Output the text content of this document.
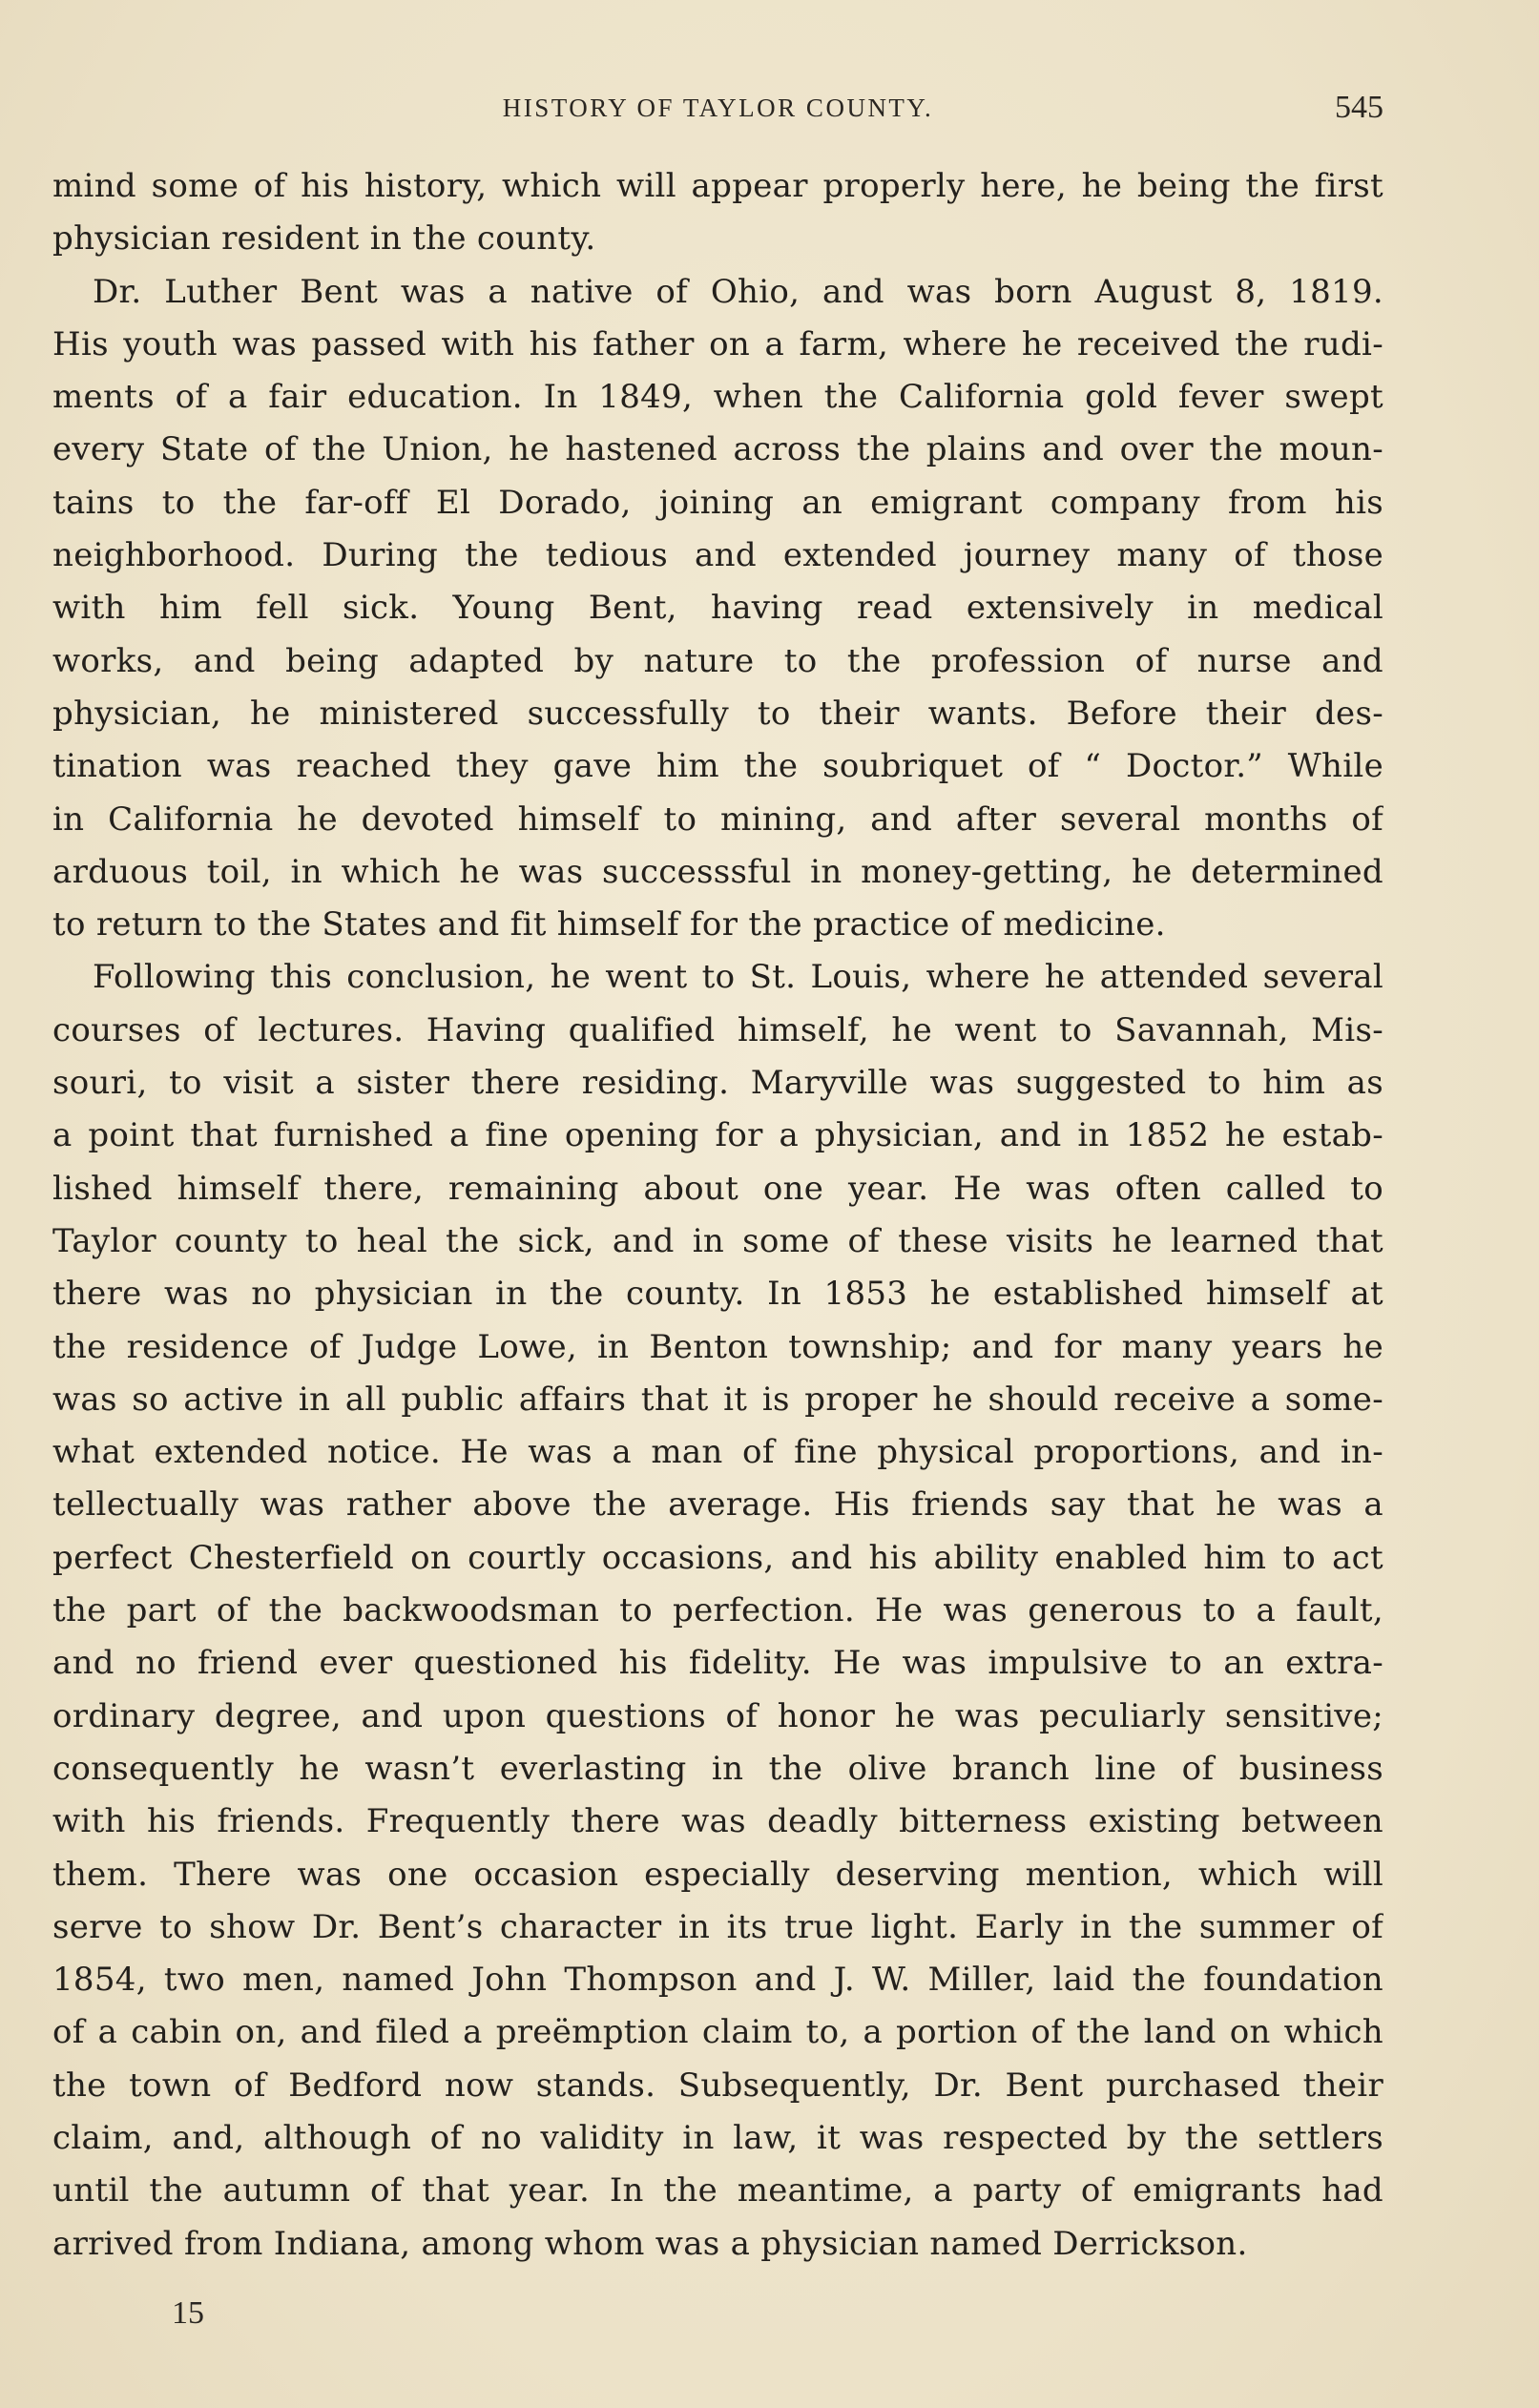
HISTORY OF TAYLOR COUNTY.	545
mind some of his history, which will appear properly here, he being the first
physician resident in the county.
Dr. Luther Bent was a native of Ohio, and was born August 8, 1819.
His youth was passed with his father on a farm, where he received the rudi-
ments of a fair education. In 1849, when the California gold fever swept
every State of the Union, he hastened across the plains and over the moun-
tains to the far-off El Dorado, joining an emigrant company from his
neighborhood. During the tedious and extended journey many of those
with him fell sick. Young Bent, having read extensively in medical
works, and being adapted by nature to the profession of nurse and
physician, he ministered successfully to their wants. Before their des-
tination was reached they gave him the soubriquet of “ Doctor.” While
in California he devoted himself to mining, and after several months of
arduous toil, in which he was successsful in money-getting, he determined
to return to the States and fit himself for the practice of medicine.
Following this conclusion, he went to St. Louis, where he attended several
courses of lectures. Having qualified himself, he went to Savannah, Mis-
souri, to visit a sister there residing. Maryville was suggested to him as
a point that furnished a fine opening for a physician, and in 1852 he estab-
lished himself there, remaining about one year. He was often called to
Taylor county to heal the sick, and in some of these visits he learned that
there was no physician in the county. In 1853 he established himself at
the residence of Judge Lowe, in Benton township; and for many years he
was so active in all public affairs that it is proper he should receive a some-
what extended notice. He was a man of fine physical proportions, and in-
tellectually was rather above the average. His friends say that he was a
perfect Chesterfield on courtly occasions, and his ability enabled him to act
the part of the backwoodsman to perfection. He was generous to a fault,
and no friend ever questioned his fidelity. He was impulsive to an extra-
ordinary degree, and upon questions of honor he was peculiarly sensitive;
consequently he wasn’t everlasting in the olive branch line of business
with his friends. Frequently there was deadly bitterness existing between
them. There was one occasion especially deserving mention, which will
serve to show Dr. Bent’s character in its true light. Early in the summer of
1854, two men, named John Thompson and J. W. Miller, laid the foundation
of a cabin on, and filed a preëmption claim to, a portion of the land on which
the town of Bedford now stands. Subsequently, Dr. Bent purchased their
claim, and, although of no validity in law, it was respected by the settlers
until the autumn of that year. In the meantime, a party of emigrants had
arrived from Indiana, among whom was a physician named Derrickson.
15
